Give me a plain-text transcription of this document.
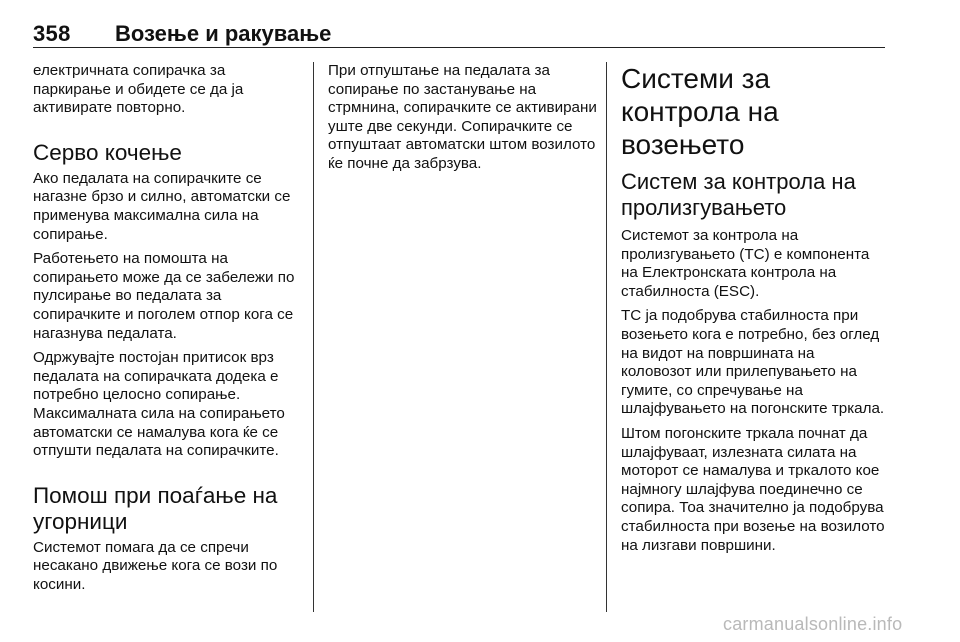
358 Возење и ракување

електричната сопирачка за паркирање и обидете се да ја активирате повторно.

Серво кочење

Ако педалата на сопирачките се нагазне брзо и силно, автоматски се применува максимална сила на сопирање.

Работењето на помошта на сопирањето може да се забележи по пулсирање во педалата за сопирачките и поголем отпор кога се нагазнува педалата.

Одржувајте постојан притисок врз педалата на сопирачката додека е потребно целосно сопирање. Максималната сила на сопирањето автоматски се намалува кога ќе се отпушти педалата на сопирачките.

Помош при поаѓање на угорници

Системот помага да се спречи несакано движење кога се вози по косини.

При отпуштање на педалата за сопирање по застанување на стрмнина, сопирачките се активирани уште две секунди. Сопирачките се отпуштаат автоматски штом возилото ќе почне да забрзува.

Системи за контрола на возењето
Систем за контрола на пролизгувањето

Системот за контрола на пролизгувањето (TC) е компонента на Електронската контрола на стабилноста (ESC).

TC ја подобрува стабилноста при возењето кога е потребно, без оглед на видот на површината на коловозот или прилепувањето на гумите, со спречување на шлајфувањето на погонските тркала.

Штом погонските тркала почнат да шлајфуваат, излезната силата на моторот се намалува и тркалото кое најмногу шлајфува поединечно се сопира. Тоа значително ја подобрува стабилноста при возење на возилото на лизгави површини.

carmanualsonline.info
